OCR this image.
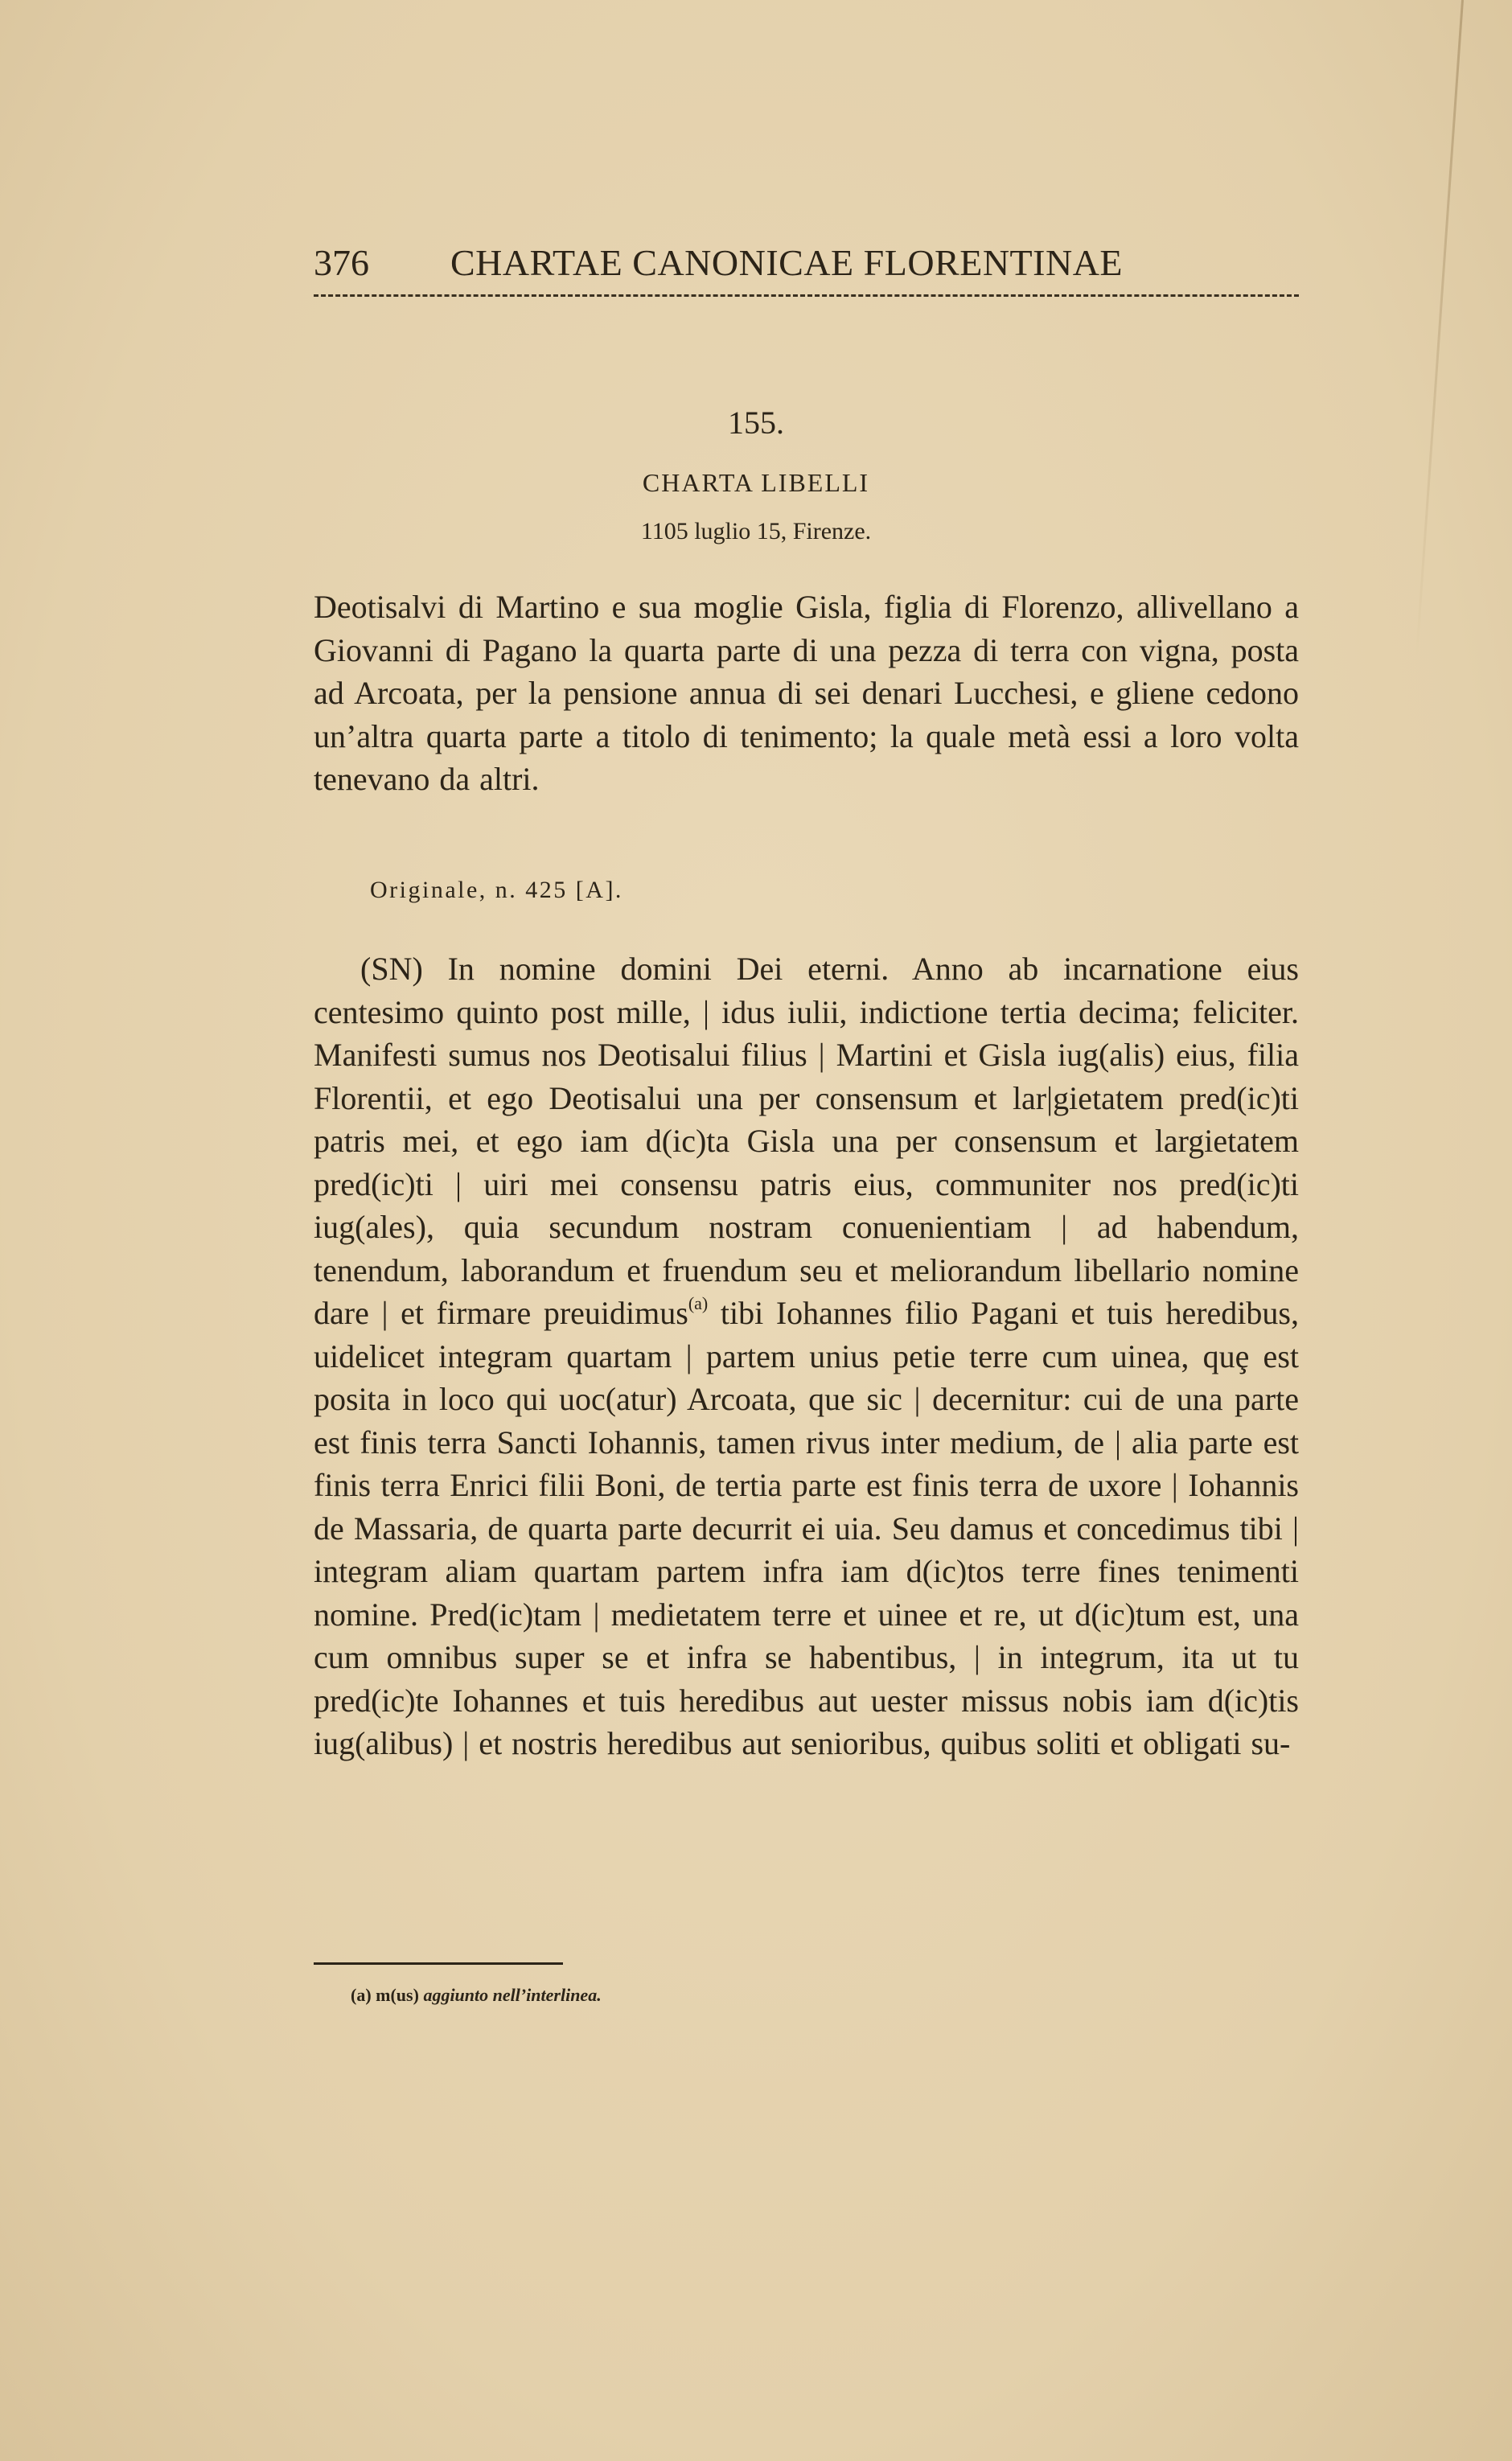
376 CHARTAE CANONICAE FLORENTINAE
155.
CHARTA LIBELLI
1105 luglio 15, Firenze.
Deotisalvi di Martino e sua moglie Gisla, figlia di Florenzo, allivellano a Giovanni di Pagano la quarta parte di una pezza di terra con vigna, posta ad Arcoata, per la pensione annua di sei denari Lucchesi, e gliene cedono un’altra quarta parte a titolo di tenimento; la quale metà essi a loro volta tenevano da altri.
Originale, n. 425 [A].
(SN) In nomine domini Dei eterni. Anno ab incarnatione eius centesimo quinto post mille, | idus iulii, indictione tertia decima; feliciter. Manifesti sumus nos Deotisalui filius | Martini et Gisla iug(alis) eius, filia Florentii, et ego Deotisalui una per consensum et lar|gietatem pred(ic)ti patris mei, et ego iam d(ic)ta Gisla una per consensum et largietatem pred(ic)ti | uiri mei consensu patris eius, communiter nos pred(ic)ti iug(ales), quia secundum nostram conuenientiam | ad habendum, tenendum, laborandum et fruendum seu et meliorandum libellario nomine dare | et firmare preuidimus$^{(a)}$ tibi Iohannes filio Pagani et tuis heredibus, uidelicet integram quartam | partem unius petie terre cum uinea, quȩ est posita in loco qui uoc(atur) Arcoata, que sic | decernitur: cui de una parte est finis terra Sancti Iohannis, tamen rivus inter medium, de | alia parte est finis terra Enrici filii Boni, de tertia parte est finis terra de uxore | Iohannis de Massaria, de quarta parte decurrit ei uia. Seu damus et concedimus tibi | integram aliam quartam partem infra iam d(ic)tos terre fines tenimenti nomine. Pred(ic)tam | medietatem terre et uinee et re, ut d(ic)tum est, una cum omnibus super se et infra se habentibus, | in integrum, ita ut tu pred(ic)te Iohannes et tuis heredibus aut uester missus nobis iam d(ic)tis iug(alibus) | et nostris heredibus aut senioribus, quibus soliti et obligati su-
(a) m(us) aggiunto nell’interlinea.
